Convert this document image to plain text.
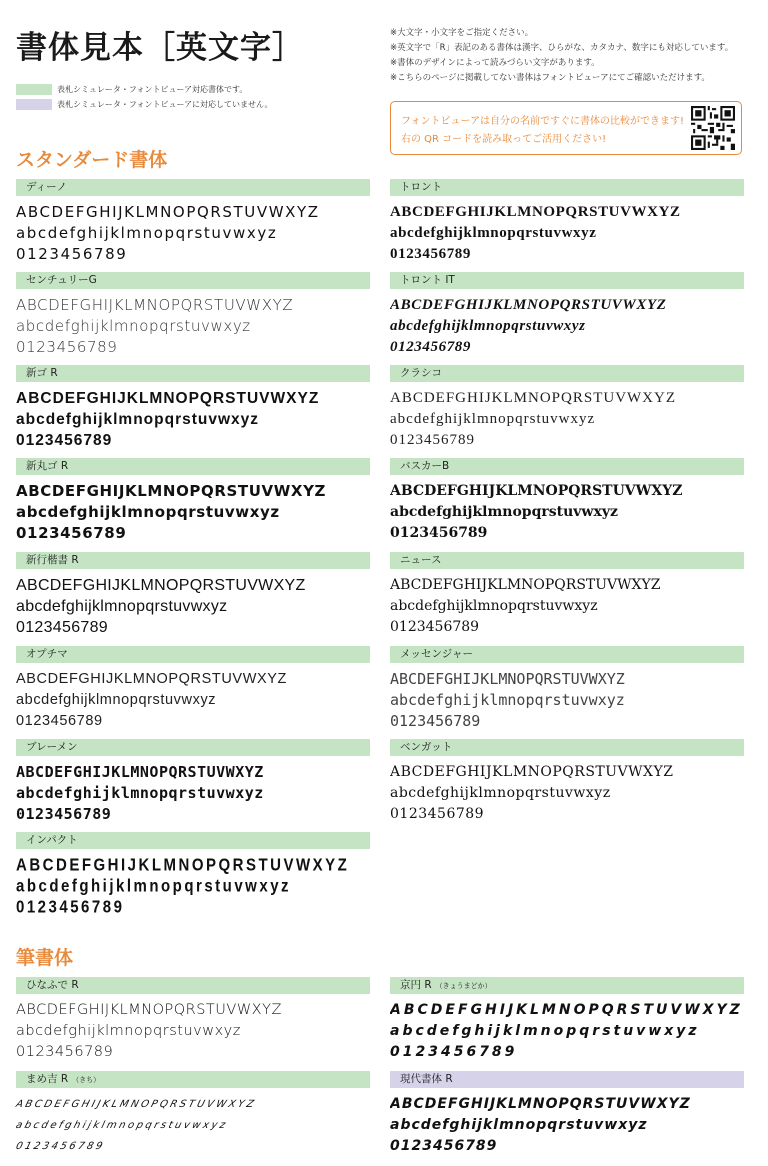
書体見本［英文字］
表札シミュレータ・フォントビューア対応書体です。
表札シミュレータ・フォントビューアに対応していません。
※大文字・小文字をご指定ください。
※英文字で「R」表記のある書体は漢字、ひらがな、カタカナ、数字にも対応しています。
※書体のデザインによって読みづらい文字があります。
※こちらのページに掲載してない書体はフォントビューアにてご確認いただけます。
フォントビューアは自分の名前ですぐに書体の比較ができます!
右の QR コードを読み取ってご活用ください!
スタンダード書体
ディーノ
ABCDEFGHIJKLMNOPQRSTUVWXYZ
abcdefghijklmnopqrstuvwxyz
0123456789
センチュリーG
ABCDEFGHIJKLMNOPQRSTUVWXYZ
abcdefghijklmnopqrstuvwxyz
0123456789
新ゴ R
ABCDEFGHIJKLMNOPQRSTUVWXYZ
abcdefghijklmnopqrstuvwxyz
0123456789
新丸ゴ R
ABCDEFGHIJKLMNOPQRSTUVWXYZ
abcdefghijklmnopqrstuvwxyz
0123456789
新行楷書 R
ABCDEFGHIJKLMNOPQRSTUVWXYZ
abcdefghijklmnopqrstuvwxyz
0123456789
オプチマ
ABCDEFGHIJKLMNOPQRSTUVWXYZ
abcdefghijklmnopqrstuvwxyz
0123456789
ブレーメン
ABCDEFGHIJKLMNOPQRSTUVWXYZ
abcdefghijklmnopqrstuvwxyz
0123456789
インパクト
ABCDEFGHIJKLMNOPQRSTUVWXYZ
abcdefghijklmnopqrstuvwxyz
0123456789
トロント
ABCDEFGHIJKLMNOPQRSTUVWXYZ
abcdefghijklmnopqrstuvwxyz
0123456789
トロント IT
ABCDEFGHIJKLMNOPQRSTUVWXYZ
abcdefghijklmnopqrstuvwxyz
0123456789
クラシコ
ABCDEFGHIJKLMNOPQRSTUVWXYZ
abcdefghijklmnopqrstuvwxyz
0123456789
バスカーB
ABCDEFGHIJKLMNOPQRSTUVWXYZ
abcdefghijklmnopqrstuvwxyz
0123456789
ニュース
ABCDEFGHIJKLMNOPQRSTUVWXYZ
abcdefghijklmnopqrstuvwxyz
0123456789
メッセンジャー
ABCDEFGHIJKLMNOPQRSTUVWXYZ
abcdefghijklmnopqrstuvwxyz
0123456789
ベンガット
ABCDEFGHIJKLMNOPQRSTUVWXYZ
abcdefghijklmnopqrstuvwxyz
0123456789
筆書体
ひなふで R
ABCDEFGHIJKLMNOPQRSTUVWXYZ
abcdefghijklmnopqrstuvwxyz
0123456789
京円 R （きょうまどか）
ABCDEFGHIJKLMNOPQRSTUVWXYZ
abcdefghijklmnopqrstuvwxyz
0123456789
まめ吉 R （きち）
ABCDEFGHIJKLMNOPQRSTUVWXYZ
abcdefghijklmnopqrstuvwxyz
0123456789
現代書体 R
ABCDEFGHIJKLMNOPQRSTUVWXYZ
abcdefghijklmnopqrstuvwxyz
0123456789
